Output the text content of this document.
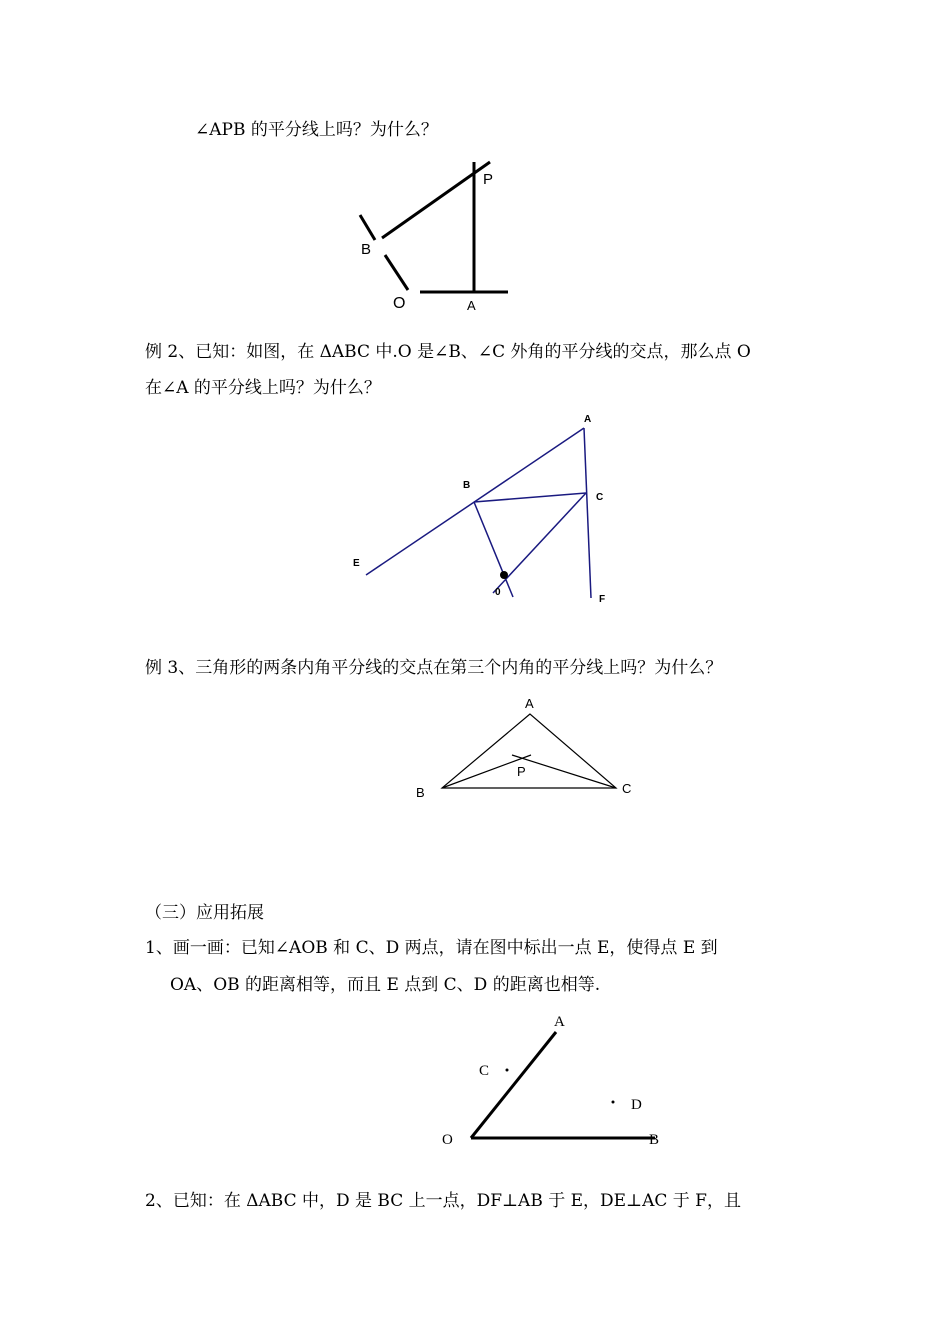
∠APB 的平分线上吗？为什么？
例 2、已知：如图，在 ΔABC 中.O 是∠B、∠C 外角的平分线的交点，那么点 O
在∠A 的平分线上吗？为什么？
例 3、三角形的两条内角平分线的交点在第三个内角的平分线上吗？为什么？
（三）应用拓展
1、画一画：已知∠AOB 和 C、D 两点，请在图中标出一点 E，使得点 E 到
OA、OB 的距离相等，而且 E 点到 C、D 的距离也相等.
2、已知：在 ΔABC 中，D 是 BC 上一点，DF⊥AB 于 E，DE⊥AC 于 F，且
P
B
O	A
A
B
C
E
0
F
A
P
B	C
A
C
D
O	B
